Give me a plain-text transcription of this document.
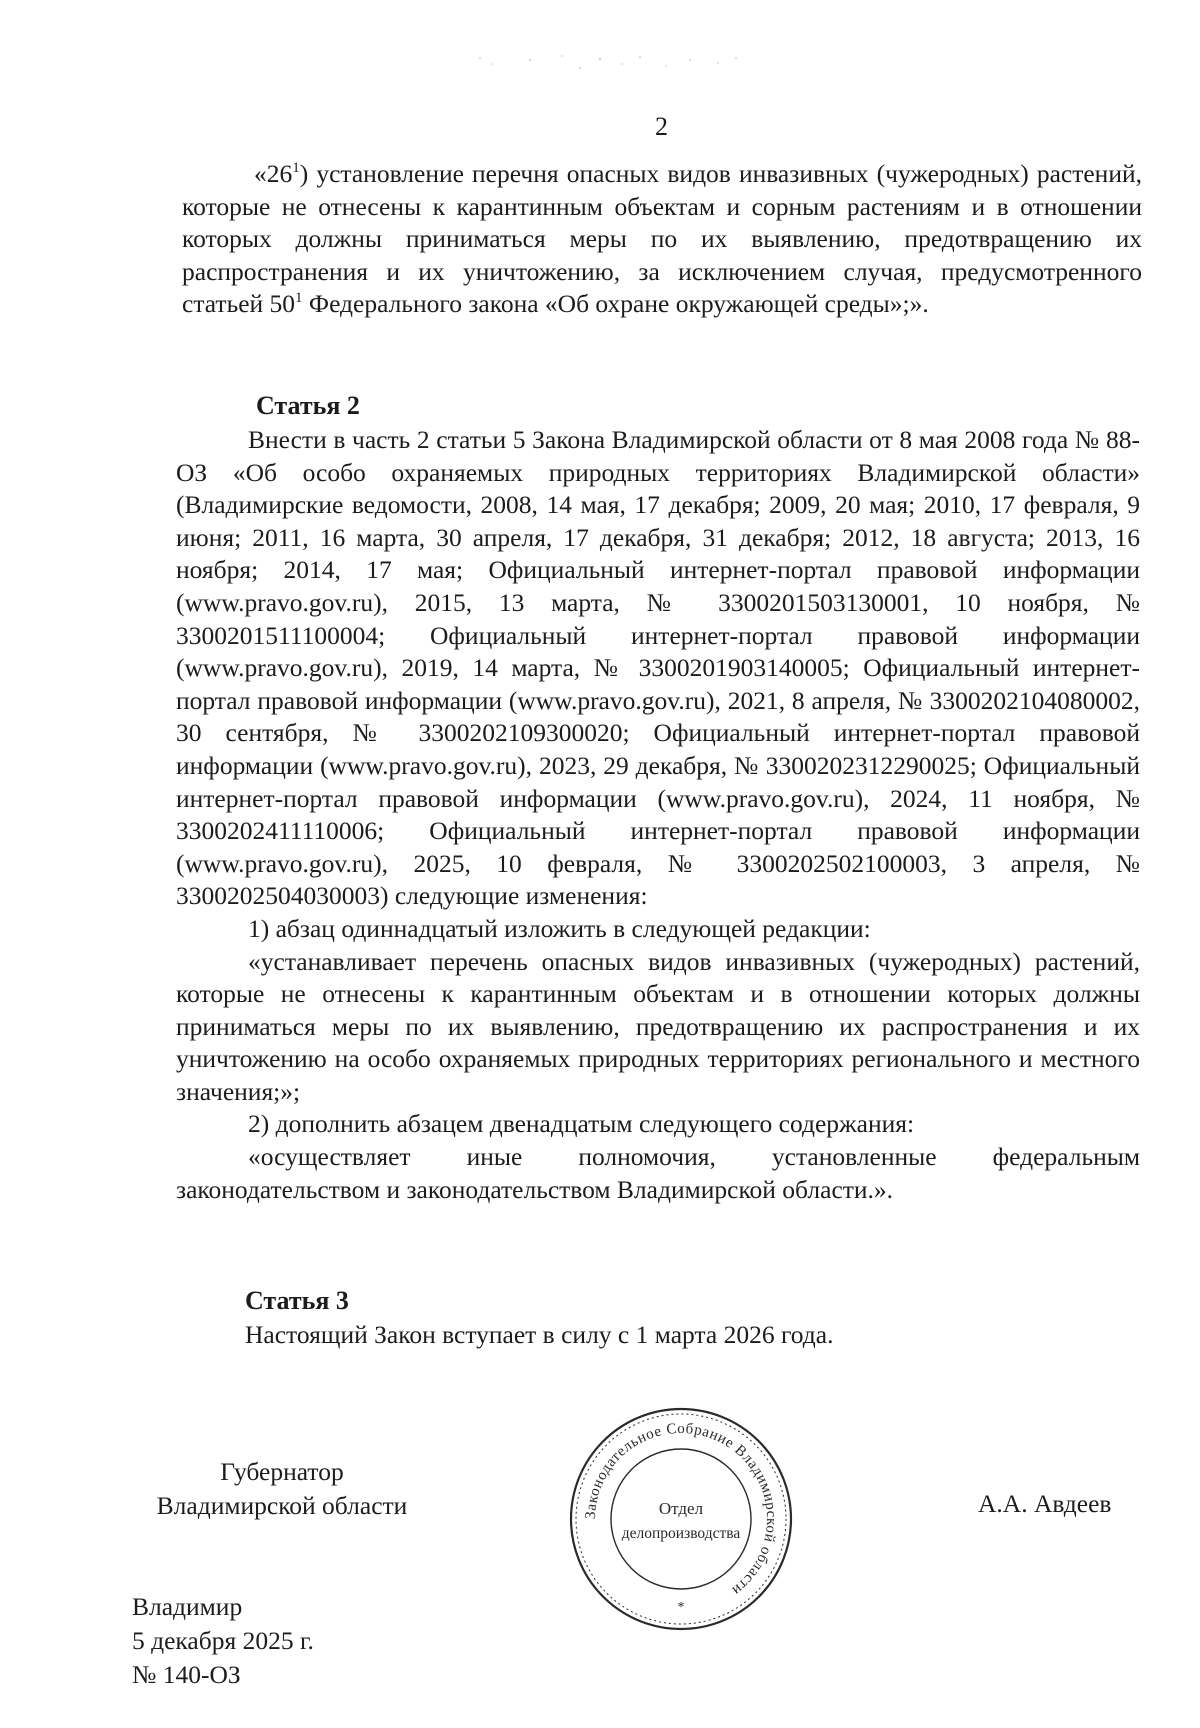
2

«$26^1$) установление перечня опасных видов инвазивных (чужеродных) растений, которые не отнесены к карантинным объектам и сорным растениям и в отношении которых должны приниматься меры по их выявлению, предотвращению их распространения и их уничтожению, за исключением случая, предусмотренного статьей $50^1$ Федерального закона «Об охране окружающей среды»;».

Статья 2

Внести в часть 2 статьи 5 Закона Владимирской области от 8 мая 2008 года № 88-ОЗ «Об особо охраняемых природных территориях Владимирской области» (Владимирские ведомости, 2008, 14 мая, 17 декабря; 2009, 20 мая; 2010, 17 февраля, 9 июня; 2011, 16 марта, 30 апреля, 17 декабря, 31 декабря; 2012, 18 августа; 2013, 16 ноября; 2014, 17 мая; Официальный интернет-портал правовой информации (www.pravo.gov.ru), 2015, 13 марта, № 3300201503130001, 10 ноября, № 3300201511100004; Официальный интернет-портал правовой информации (www.pravo.gov.ru), 2019, 14 марта, № 3300201903140005; Официальный интернет-портал правовой информации (www.pravo.gov.ru), 2021, 8 апреля, № 3300202104080002, 30 сентября, № 3300202109300020; Официальный интернет-портал правовой информации (www.pravo.gov.ru), 2023, 29 декабря, № 3300202312290025; Официальный интернет-портал правовой информации (www.pravo.gov.ru), 2024, 11 ноября, № 3300202411110006; Официальный интернет-портал правовой информации (www.pravo.gov.ru), 2025, 10 февраля, № 3300202502100003, 3 апреля, № 3300202504030003) следующие изменения:

1) абзац одиннадцатый изложить в следующей редакции:

«устанавливает перечень опасных видов инвазивных (чужеродных) растений, которые не отнесены к карантинным объектам и в отношении которых должны приниматься меры по их выявлению, предотвращению их распространения и их уничтожению на особо охраняемых природных территориях регионального и местного значения;»;

2) дополнить абзацем двенадцатым следующего содержания:

«осуществляет иные полномочия, установленные федеральным законодательством и законодательством Владимирской области.».

Статья 3
Настоящий Закон вступает в силу с 1 марта 2026 года.
Губернатор
Владимирской области	Законодательное Собрание Владимирской области
Отдел
делопроизводства
*
А.А. Авдеев
Владимир
5 декабря 2025 г.
№ 140-ОЗ
